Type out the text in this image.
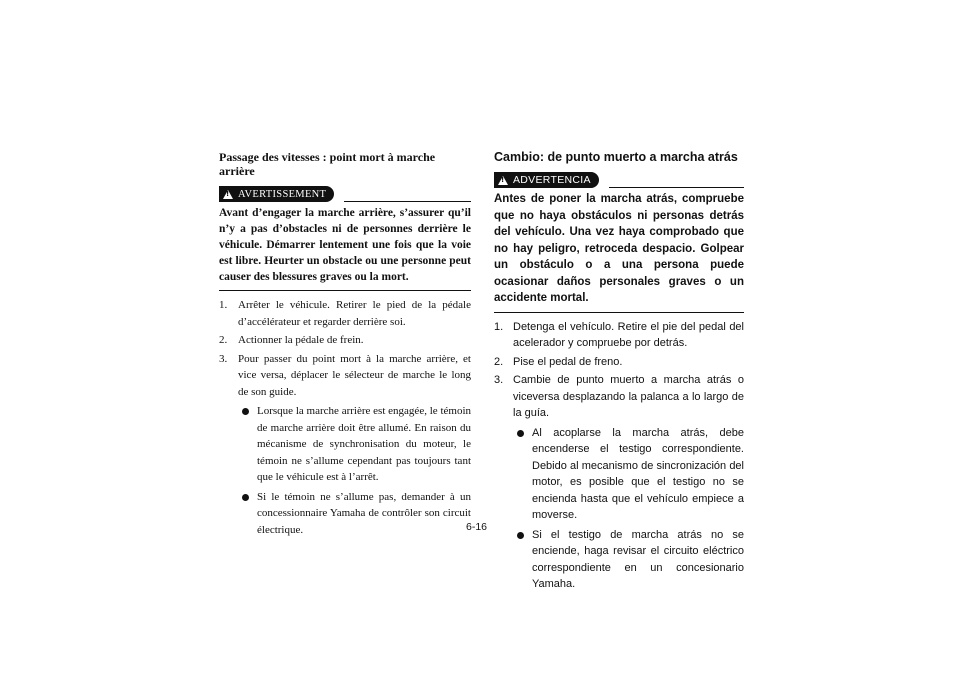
Passage des vitesses : point mort à marche arrière
!
AVERTISSEMENT

Avant d’engager la marche arrière, s’assurer qu’il n’y a pas d’obstacles ni de personnes derrière le véhicule. Démarrer lentement une fois que la voie est libre. Heurter un obstacle ou une personne peut causer des blessures graves ou la mort.

1. Arrêter le véhicule. Retirer le pied de la pédale d’accélérateur et regarder derrière soi.
2. Actionner la pédale de frein.
3. Pour passer du point mort à la marche arrière, et vice versa, déplacer le sélecteur de marche le long de son guide.
Lorsque la marche arrière est engagée, le témoin de marche arrière doit être allumé. En raison du mécanisme de synchronisation du moteur, le témoin ne s’allume cependant pas toujours tant que le véhicule est à l’arrêt.
Si le témoin ne s’allume pas, demander à un concessionnaire Yamaha de contrôler son circuit électrique.
Cambio: de punto muerto a marcha atrás
!
ADVERTENCIA

Antes de poner la marcha atrás, compruebe que no haya obstáculos ni personas detrás del vehículo. Una vez haya comprobado que no hay peligro, retroceda despacio. Golpear un obstáculo o a una persona puede ocasionar daños personales graves o un accidente mortal.

1. Detenga el vehículo. Retire el pie del pedal del acelerador y compruebe por detrás.
2. Pise el pedal de freno.
3. Cambie de punto muerto a marcha atrás o viceversa desplazando la palanca a lo largo de la guía.
Al acoplarse la marcha atrás, debe encenderse el testigo correspondiente. Debido al mecanismo de sincronización del motor, es posible que el testigo no se encienda hasta que el vehículo empiece a moverse.
Si el testigo de marcha atrás no se enciende, haga revisar el circuito eléctrico correspondiente en un concesionario Yamaha.
6-16
